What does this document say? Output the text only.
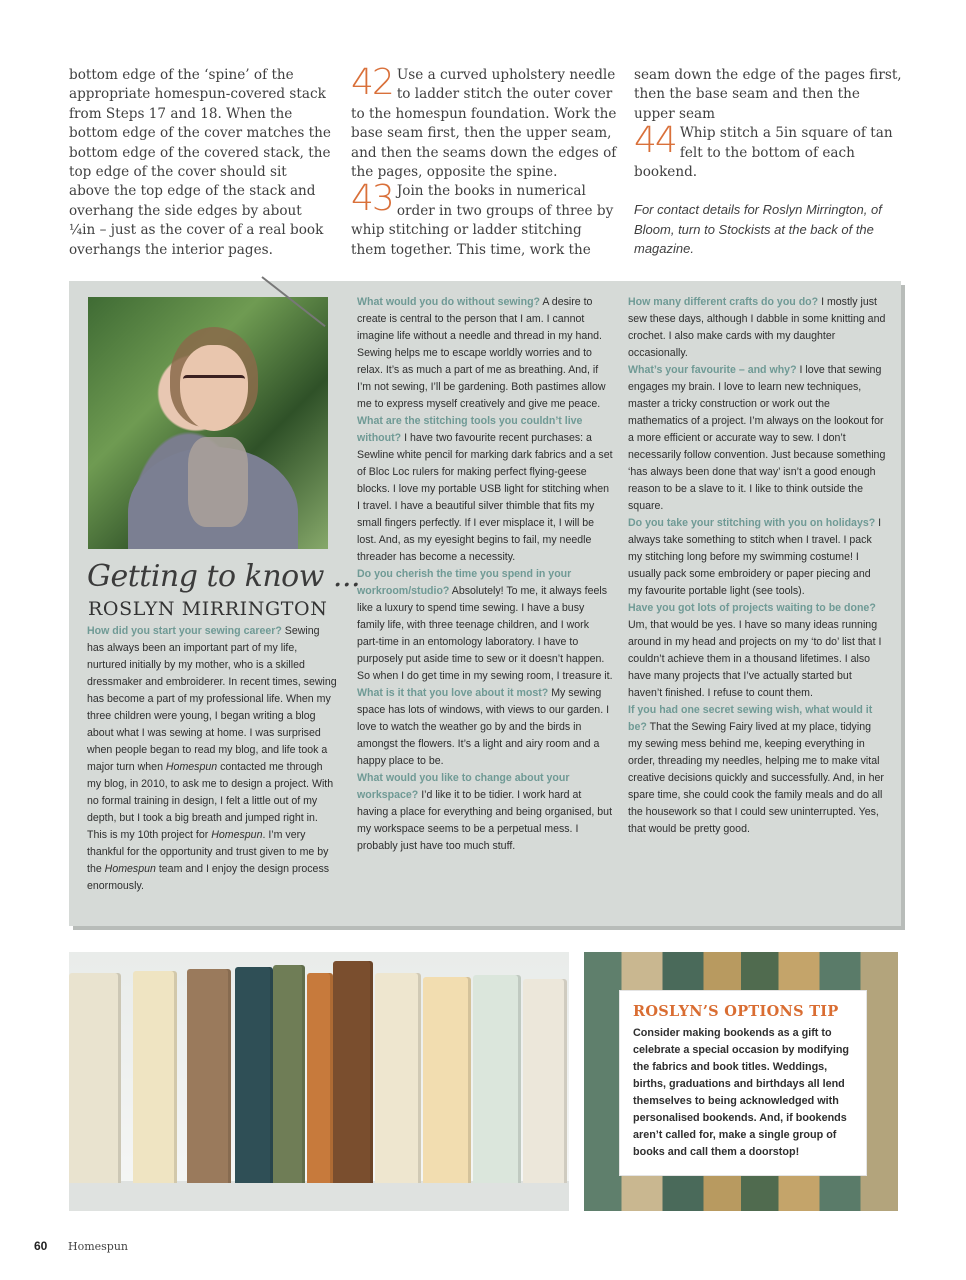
bottom edge of the ‘spine’ of the appropriate homespun-covered stack from Steps 17 and 18. When the bottom edge of the cover matches the bottom edge of the covered stack, the top edge of the cover should sit above the top edge of the stack and overhang the side edges by about ¼in – just as the cover of a real book overhangs the interior pages.

42 Use a curved upholstery needle to ladder stitch the outer cover to the homespun foundation. Work the base seam first, then the upper seam, and then the seams down the edges of the pages, opposite the spine.
43 Join the books in numerical order in two groups of three by whip stitching or ladder stitching them together. This time, work the

seam down the edge of the pages first, then the base seam and then the upper seam

44 Whip stitch a 5in square of tan felt to the bottom of each bookend.

For contact details for Roslyn Mirrington, of Bloom, turn to Stockists at the back of the magazine.

Getting to know ...
ROSLYN MIRRINGTON

How did you start your sewing career? Sewing has always been an important part of my life, nurtured initially by my mother, who is a skilled dressmaker and embroiderer. In recent times, sewing has become a part of my professional life. When my three children were young, I began writing a blog about what I was sewing at home. I was surprised when people began to read my blog, and life took a major turn when Homespun contacted me through my blog, in 2010, to ask me to design a project. With no formal training in design, I felt a little out of my depth, but I took a big breath and jumped right in. This is my 10th project for Homespun. I’m very thankful for the opportunity and trust given to me by the Homespun team and I enjoy the design process enormously.

What would you do without sewing? A desire to create is central to the person that I am. I cannot imagine life without a needle and thread in my hand. Sewing helps me to escape worldly worries and to relax. It’s as much a part of me as breathing. And, if I’m not sewing, I’ll be gardening. Both pastimes allow me to express myself creatively and give me peace.

What are the stitching tools you couldn’t live without? I have two favourite recent purchases: a Sewline white pencil for marking dark fabrics and a set of Bloc Loc rulers for making perfect flying-geese blocks. I love my portable USB light for stitching when I travel. I have a beautiful silver thimble that fits my small fingers perfectly. If I ever misplace it, I will be lost. And, as my eyesight begins to fail, my needle threader has become a necessity.

Do you cherish the time you spend in your workroom/studio? Absolutely! To me, it always feels like a luxury to spend time sewing. I have a busy family life, with three teenage children, and I work part-time in an entomology laboratory. I have to purposely put aside time to sew or it doesn’t happen. So when I do get time in my sewing room, I treasure it.

What is it that you love about it most? My sewing space has lots of windows, with views to our garden. I love to watch the weather go by and the birds in amongst the flowers. It’s a light and airy room and a happy place to be.

What would you like to change about your workspace? I’d like it to be tidier. I work hard at having a place for everything and being organised, but my workspace seems to be a perpetual mess. I probably just have too much stuff.

How many different crafts do you do? I mostly just sew these days, although I dabble in some knitting and crochet. I also make cards with my daughter occasionally.

What’s your favourite – and why? I love that sewing engages my brain. I love to learn new techniques, master a tricky construction or work out the mathematics of a project. I’m always on the lookout for a more efficient or accurate way to sew. I don’t necessarily follow convention. Just because something ‘has always been done that way’ isn’t a good enough reason to be a slave to it. I like to think outside the square.

Do you take your stitching with you on holidays? I always take something to stitch when I travel. I pack my stitching long before my swimming costume! I usually pack some embroidery or paper piecing and my favourite portable light (see tools).

Have you got lots of projects waiting to be done? Um, that would be yes. I have so many ideas running around in my head and projects on my ‘to do’ list that I couldn’t achieve them in a thousand lifetimes. I also have many projects that I’ve actually started but haven’t finished. I refuse to count them.

If you had one secret sewing wish, what would it be? That the Sewing Fairy lived at my place, tidying my sewing mess behind me, keeping everything in order, threading my needles, helping me to make vital creative decisions quickly and successfully. And, in her spare time, she could cook the family meals and do all the housework so that I could sew uninterrupted. Yes, that would be pretty good.

ROSLYN’S OPTIONS TIP
Consider making bookends as a gift to celebrate a special occasion by modifying the fabrics and book titles. Weddings, births, graduations and birthdays all lend themselves to being acknowledged with personalised bookends. And, if bookends aren’t called for, make a single group of books and call them a doorstop!
60 Homespun
